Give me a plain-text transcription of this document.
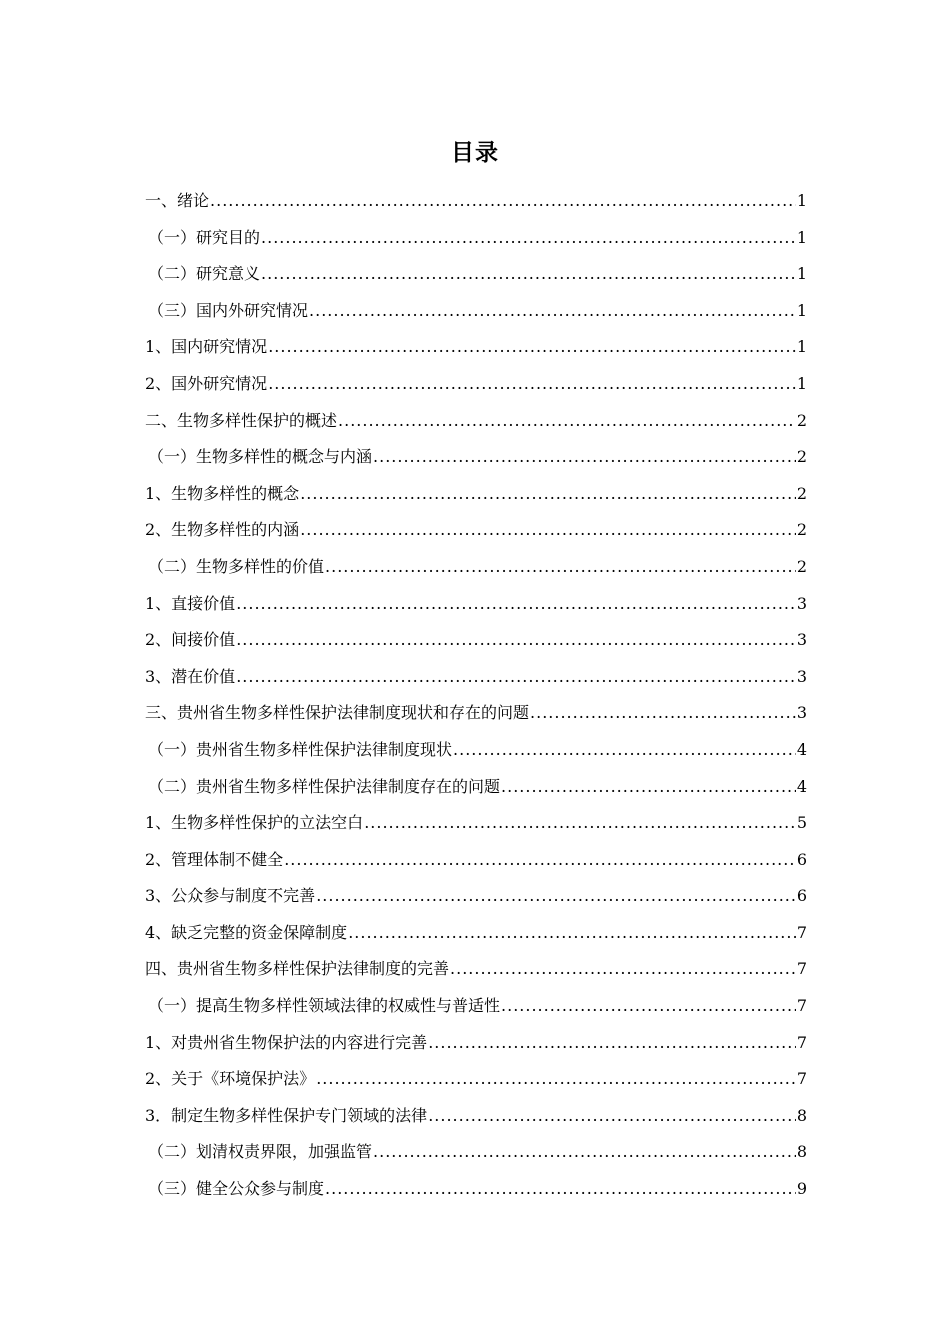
目录
一、绪论 .....	1
（一）研究目的 .....	1
（二）研究意义 .....	1
（三）国内外研究情况 .....	1
1、国内研究情况 .....	1
2、国外研究情况 .....	1
二、生物多样性保护的概述 .....	2
（一）生物多样性的概念与内涵 .....	2
1、生物多样性的概念 .....	2
2、生物多样性的内涵 .....	2
（二）生物多样性的价值 .....	2
1、直接价值 .....	3
2、间接价值 .....	3
3、潜在价值 .....	3
三、贵州省生物多样性保护法律制度现状和存在的问题 .....	3
（一）贵州省生物多样性保护法律制度现状 .....	4
（二）贵州省生物多样性保护法律制度存在的问题 .....	4
1、生物多样性保护的立法空白 .....	5
2、管理体制不健全 .....	6
3、公众参与制度不完善 .....	6
4、缺乏完整的资金保障制度 .....	7
四、贵州省生物多样性保护法律制度的完善 .....	7
（一）提高生物多样性领域法律的权威性与普适性 .....	7
1、对贵州省生物保护法的内容进行完善 .....	7
2、关于《环境保护法》 .....	7
3．制定生物多样性保护专门领域的法律 .....	8
（二）划清权责界限，加强监管 .....	8
（三）健全公众参与制度 .....	9
